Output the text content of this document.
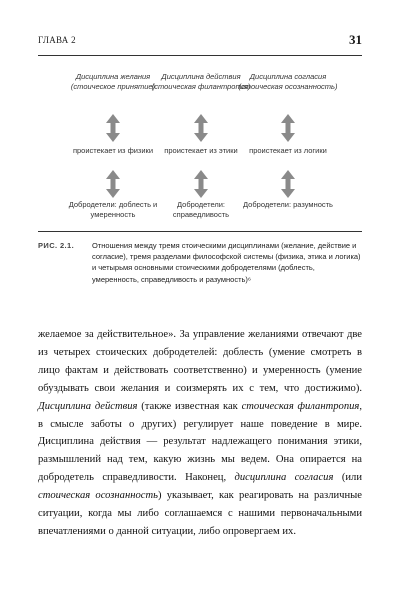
ГЛАВА 2	31
Дисциплина желания (стоическое принятие)
проистекает из физики
Добродетели: доблесть и умеренность
Дисциплина действия (стоическая филантропия)
проистекает из этики
Добродетели: справедливость
Дисциплина согласия (стоическая осознанность)
проистекает из логики
Добродетели: разумность
РИС. 2.1. Отношения между тремя стоическими дисциплинами (желание, действие и согласие), тремя разделами философской системы (физика, этика и логика) и четырьмя основными стоическими добродетелями (доблесть, умеренность, справедливость и разумность)⁶

желаемое за действительное». За управление желаниями отвечают две из четырех стоических добродетелей: доблесть (умение смотреть в лицо фактам и действовать соответственно) и умеренность (умение обуздывать свои желания и соизмерять их с тем, что достижимо). Дисциплина действия (также известная как стоическая филантропия, в смысле заботы о других) регулирует наше поведение в мире. Дисциплина действия — результат надлежащего понимания этики, размышлений над тем, какую жизнь мы ведем. Она опирается на добродетель справедливости. Наконец, дисциплина согласия (или стоическая осознанность) указывает, как реагировать на различные ситуации, когда мы либо соглашаемся с нашими первоначальными впечатлениями о данной ситуации, либо опровергаем их.
